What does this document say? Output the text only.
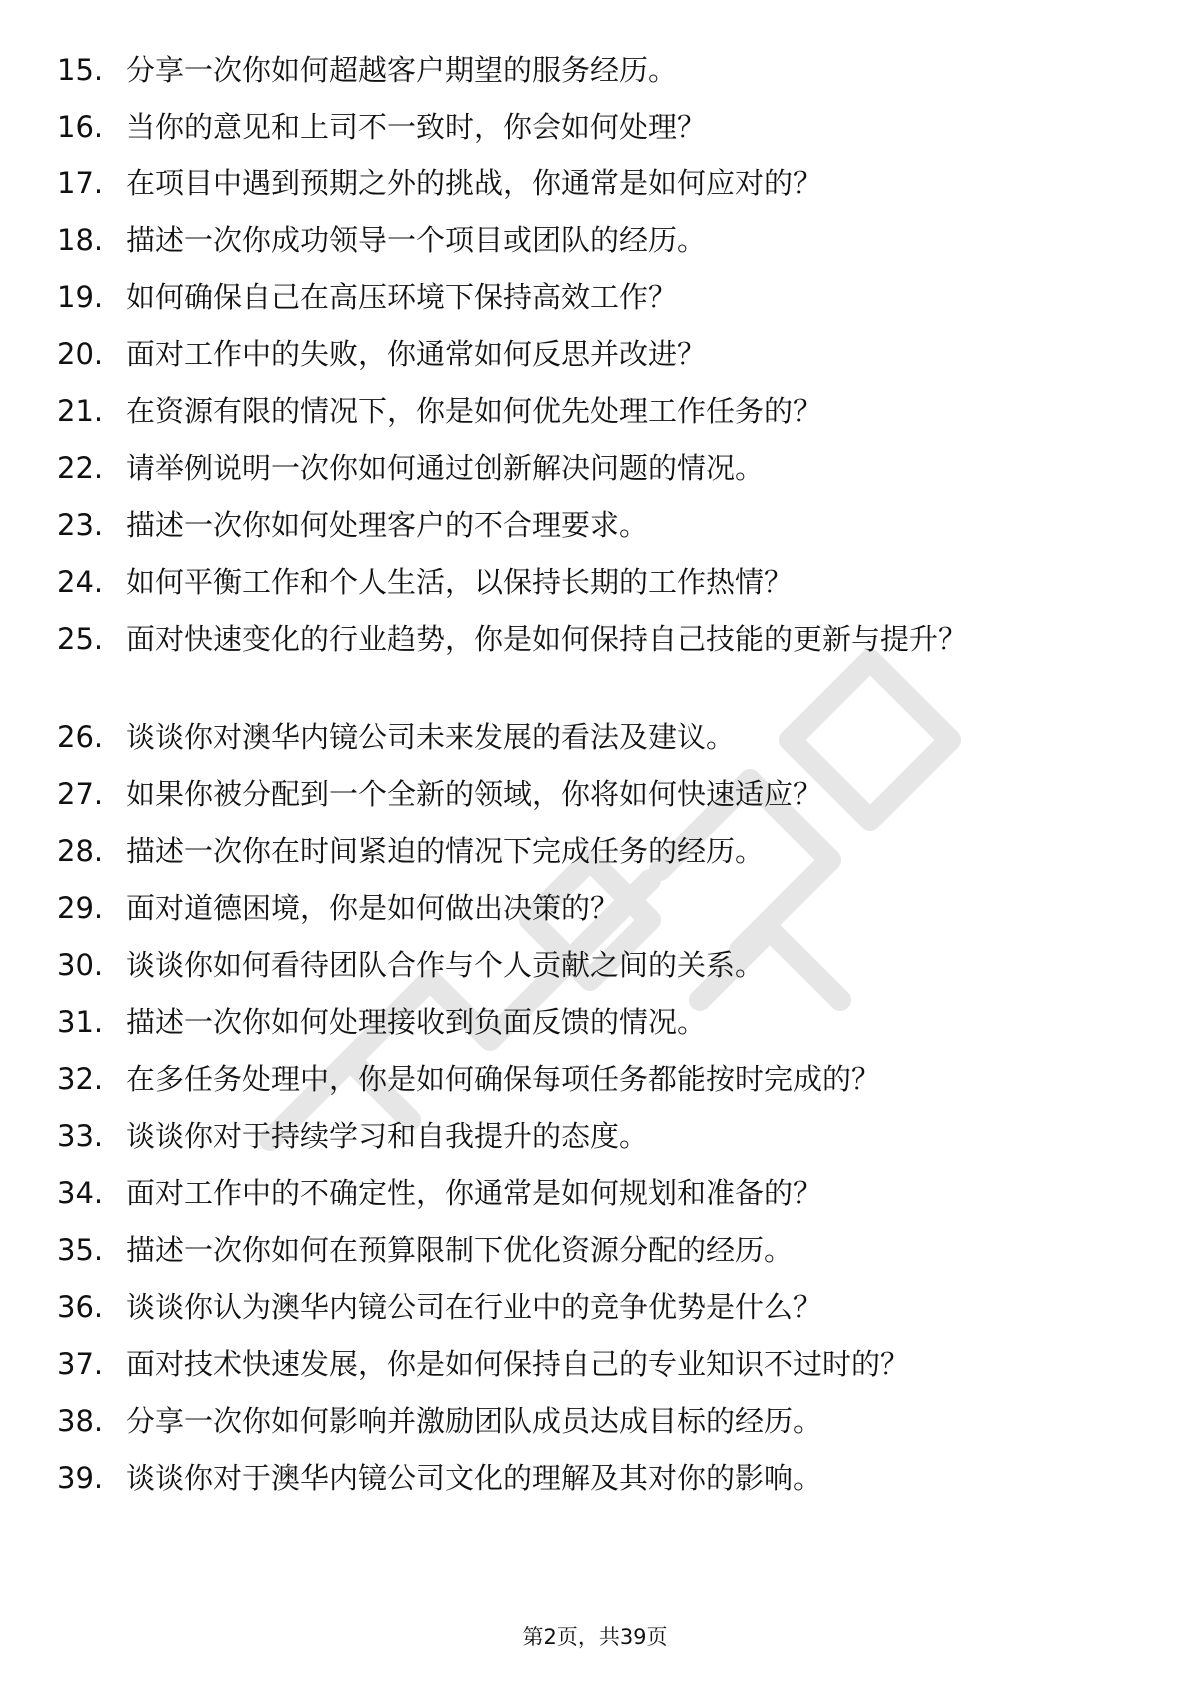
15. 分享一次你如何超越客户期望的服务经历。
16. 当你的意见和上司不一致时，你会如何处理？
17. 在项目中遇到预期之外的挑战，你通常是如何应对的？
18. 描述一次你成功领导一个项目或团队的经历。
19. 如何确保自己在高压环境下保持高效工作？
20. 面对工作中的失败，你通常如何反思并改进？
21. 在资源有限的情况下，你是如何优先处理工作任务的？
22. 请举例说明一次你如何通过创新解决问题的情况。
23. 描述一次你如何处理客户的不合理要求。
24. 如何平衡工作和个人生活，以保持长期的工作热情？
25. 面对快速变化的行业趋势，你是如何保持自己技能的更新与提升？
26. 谈谈你对澳华内镜公司未来发展的看法及建议。
27. 如果你被分配到一个全新的领域，你将如何快速适应？
28. 描述一次你在时间紧迫的情况下完成任务的经历。
29. 面对道德困境，你是如何做出决策的？
30. 谈谈你如何看待团队合作与个人贡献之间的关系。
31. 描述一次你如何处理接收到负面反馈的情况。
32. 在多任务处理中，你是如何确保每项任务都能按时完成的？
33. 谈谈你对于持续学习和自我提升的态度。
34. 面对工作中的不确定性，你通常是如何规划和准备的？
35. 描述一次你如何在预算限制下优化资源分配的经历。
36. 谈谈你认为澳华内镜公司在行业中的竞争优势是什么？
37. 面对技术快速发展，你是如何保持自己的专业知识不过时的？
38. 分享一次你如何影响并激励团队成员达成目标的经历。
39. 谈谈你对于澳华内镜公司文化的理解及其对你的影响。
第2页，共39页
